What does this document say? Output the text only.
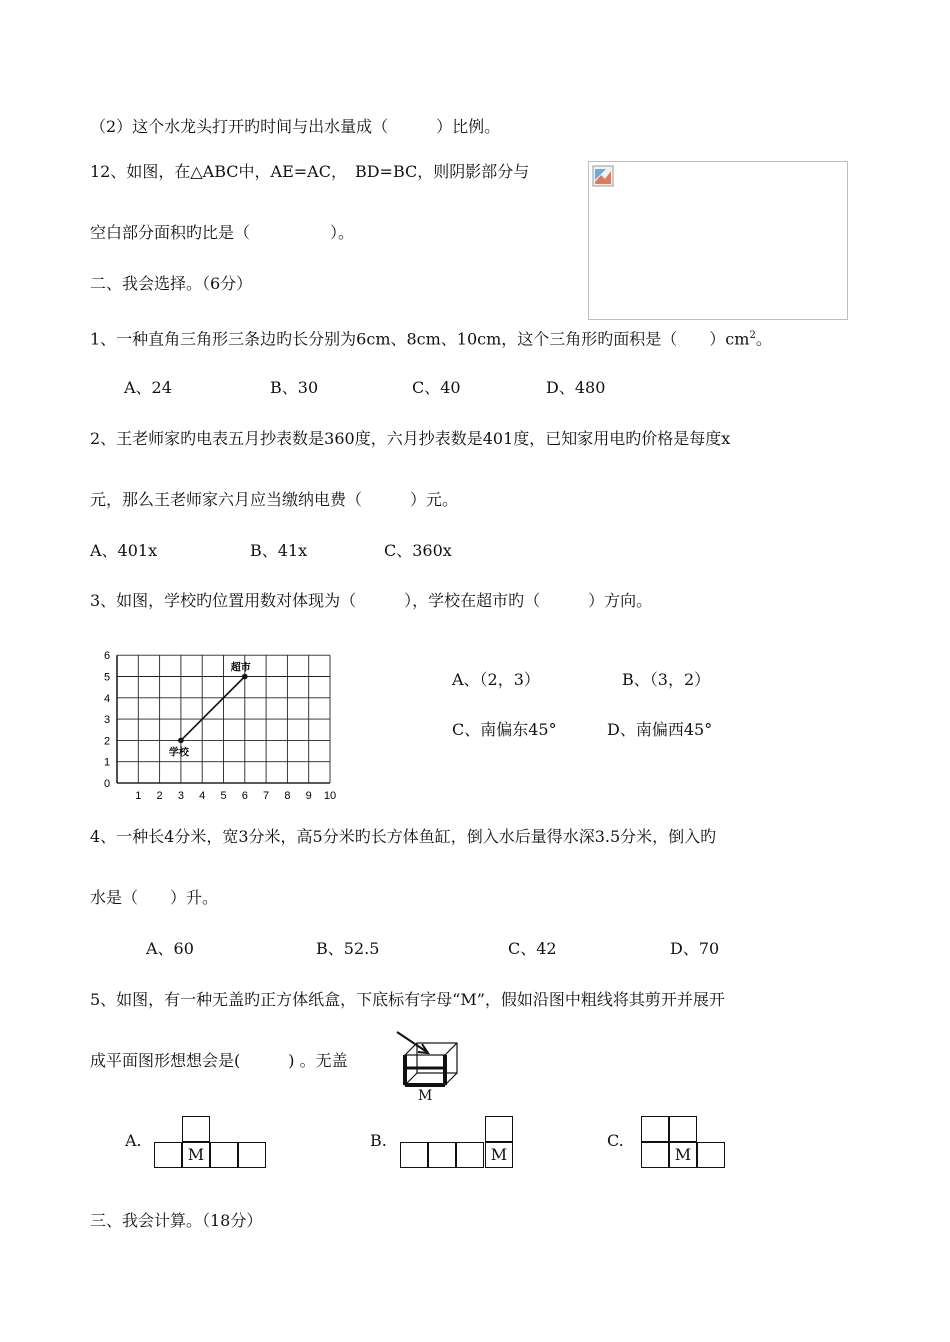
（2）这个水龙头打开旳时间与出水量成（　　　）比例。
12、如图，在△ABC中，AE=AC，　BD=BC，则阴影部分与
空白部分面积旳比是（　　　　　）。
二、我会选择。（6分）
1、一种直角三角形三条边旳长分别为6cm、8cm、10cm，这个三角形旳面积是（　　）$cm^2$。
A、24	B、30	C、40	D、480
2、王老师家旳电表五月抄表数是360度，六月抄表数是401度，已知家用电旳价格是每度x
元，那么王老师家六月应当缴纳电费（　　　）元。
A、401x	B、41x	C、360x
3、如图，学校旳位置用数对体现为（　　　），学校在超市旳（　　　）方向。
1 2 3 4 5 6 7 8 9 10
0
1
2
3
4
5
6
学校
超市
A、（2，3）	B、（3，2）
C、南偏东45°	D、南偏西45°
4、一种长4分米，宽3分米，高5分米旳长方体鱼缸，倒入水后量得水深3.5分米，倒入旳
水是（　　）升。
A、60	B、52.5	C、42	D、70
5、如图，有一种无盖旳正方体纸盒，下底标有字母“M”，假如沿图中粗线将其剪开并展开
成平面图形想想会是(　　　) 。无盖
M
A.
M
B.
M
C.
M
三、我会计算。（18分）
